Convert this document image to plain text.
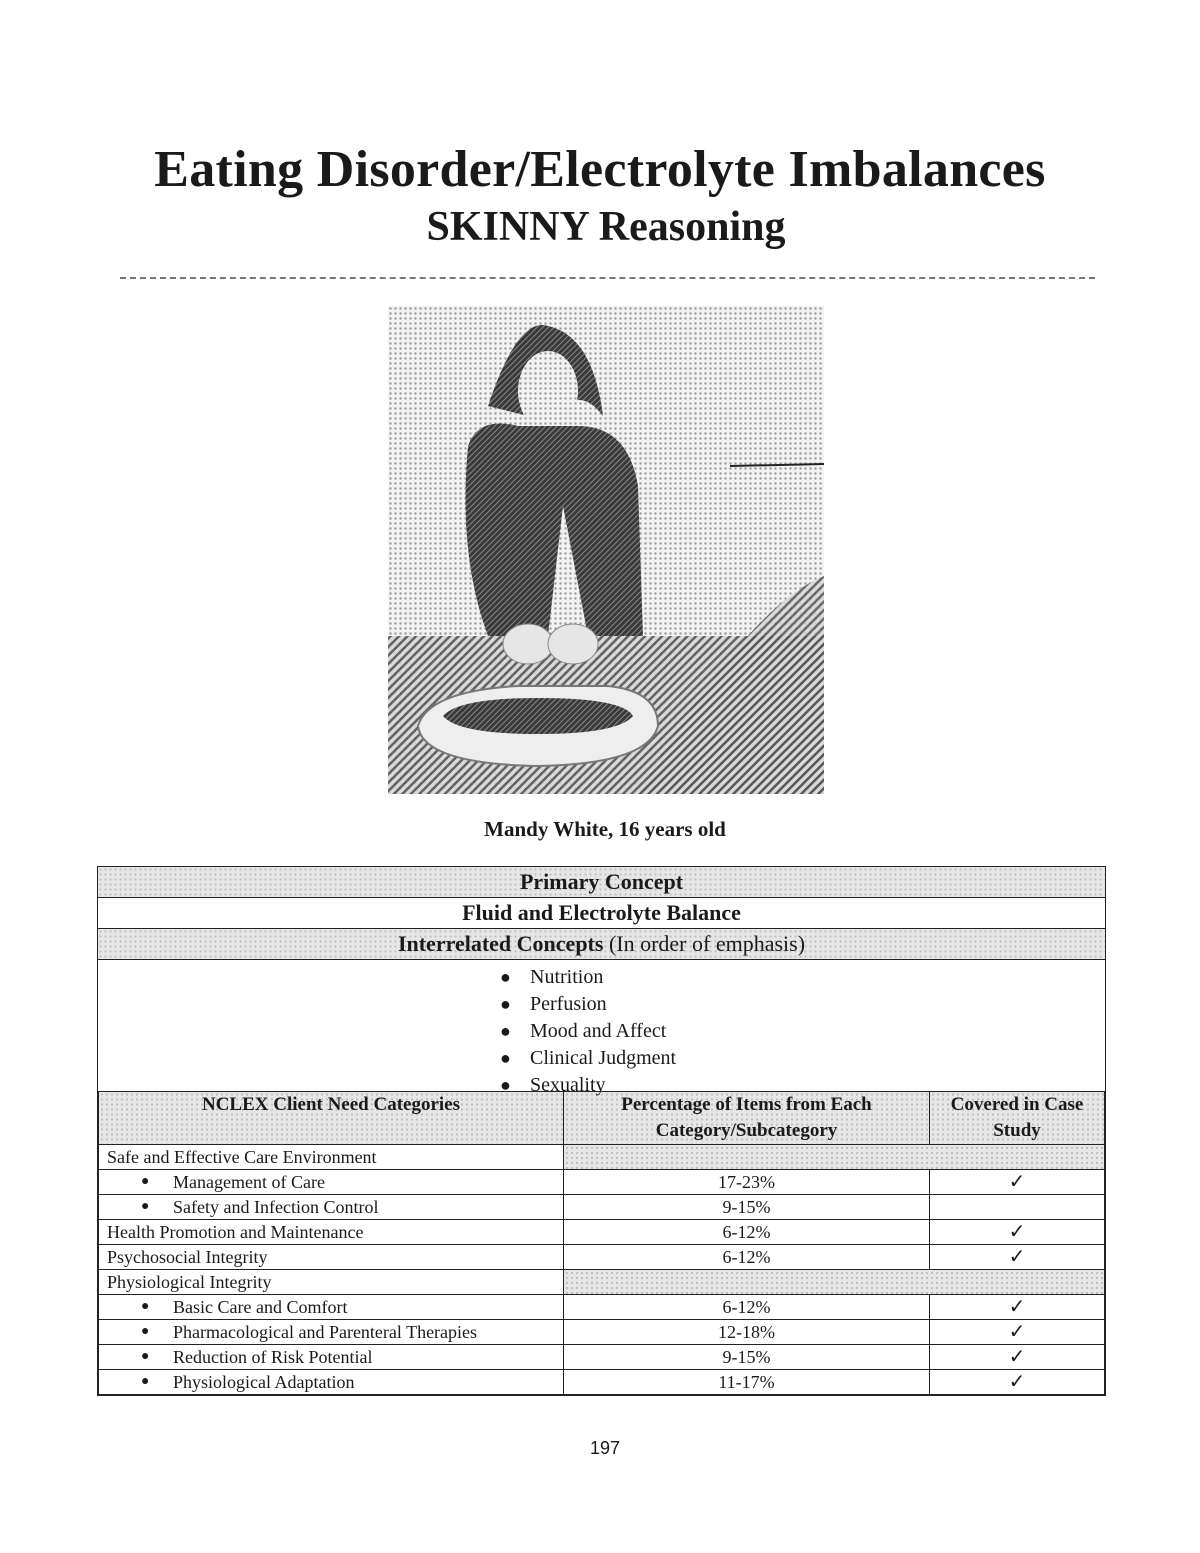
Eating Disorder/Electrolyte Imbalances
SKINNY Reasoning
Mandy White, 16 years old
Primary Concept
Fluid and Electrolyte Balance
Interrelated Concepts (In order of emphasis)
● Nutrition
● Perfusion
● Mood and Affect
● Clinical Judgment
● Sexuality
NCLEX Client Need Categories	Percentage of Items from Each Category/Subcategory	Covered in Case Study
Safe and Effective Care Environment		

● Management of Care	17-23%	✓

● Safety and Infection Control	9-15%	
Health Promotion and Maintenance	6-12%	✓
Psychosocial Integrity	6-12%	✓
Physiological Integrity		

● Basic Care and Comfort	6-12%	✓

● Pharmacological and Parenteral Therapies	12-18%	✓

● Reduction of Risk Potential	9-15%	✓

● Physiological Adaptation	11-17%	✓
197
